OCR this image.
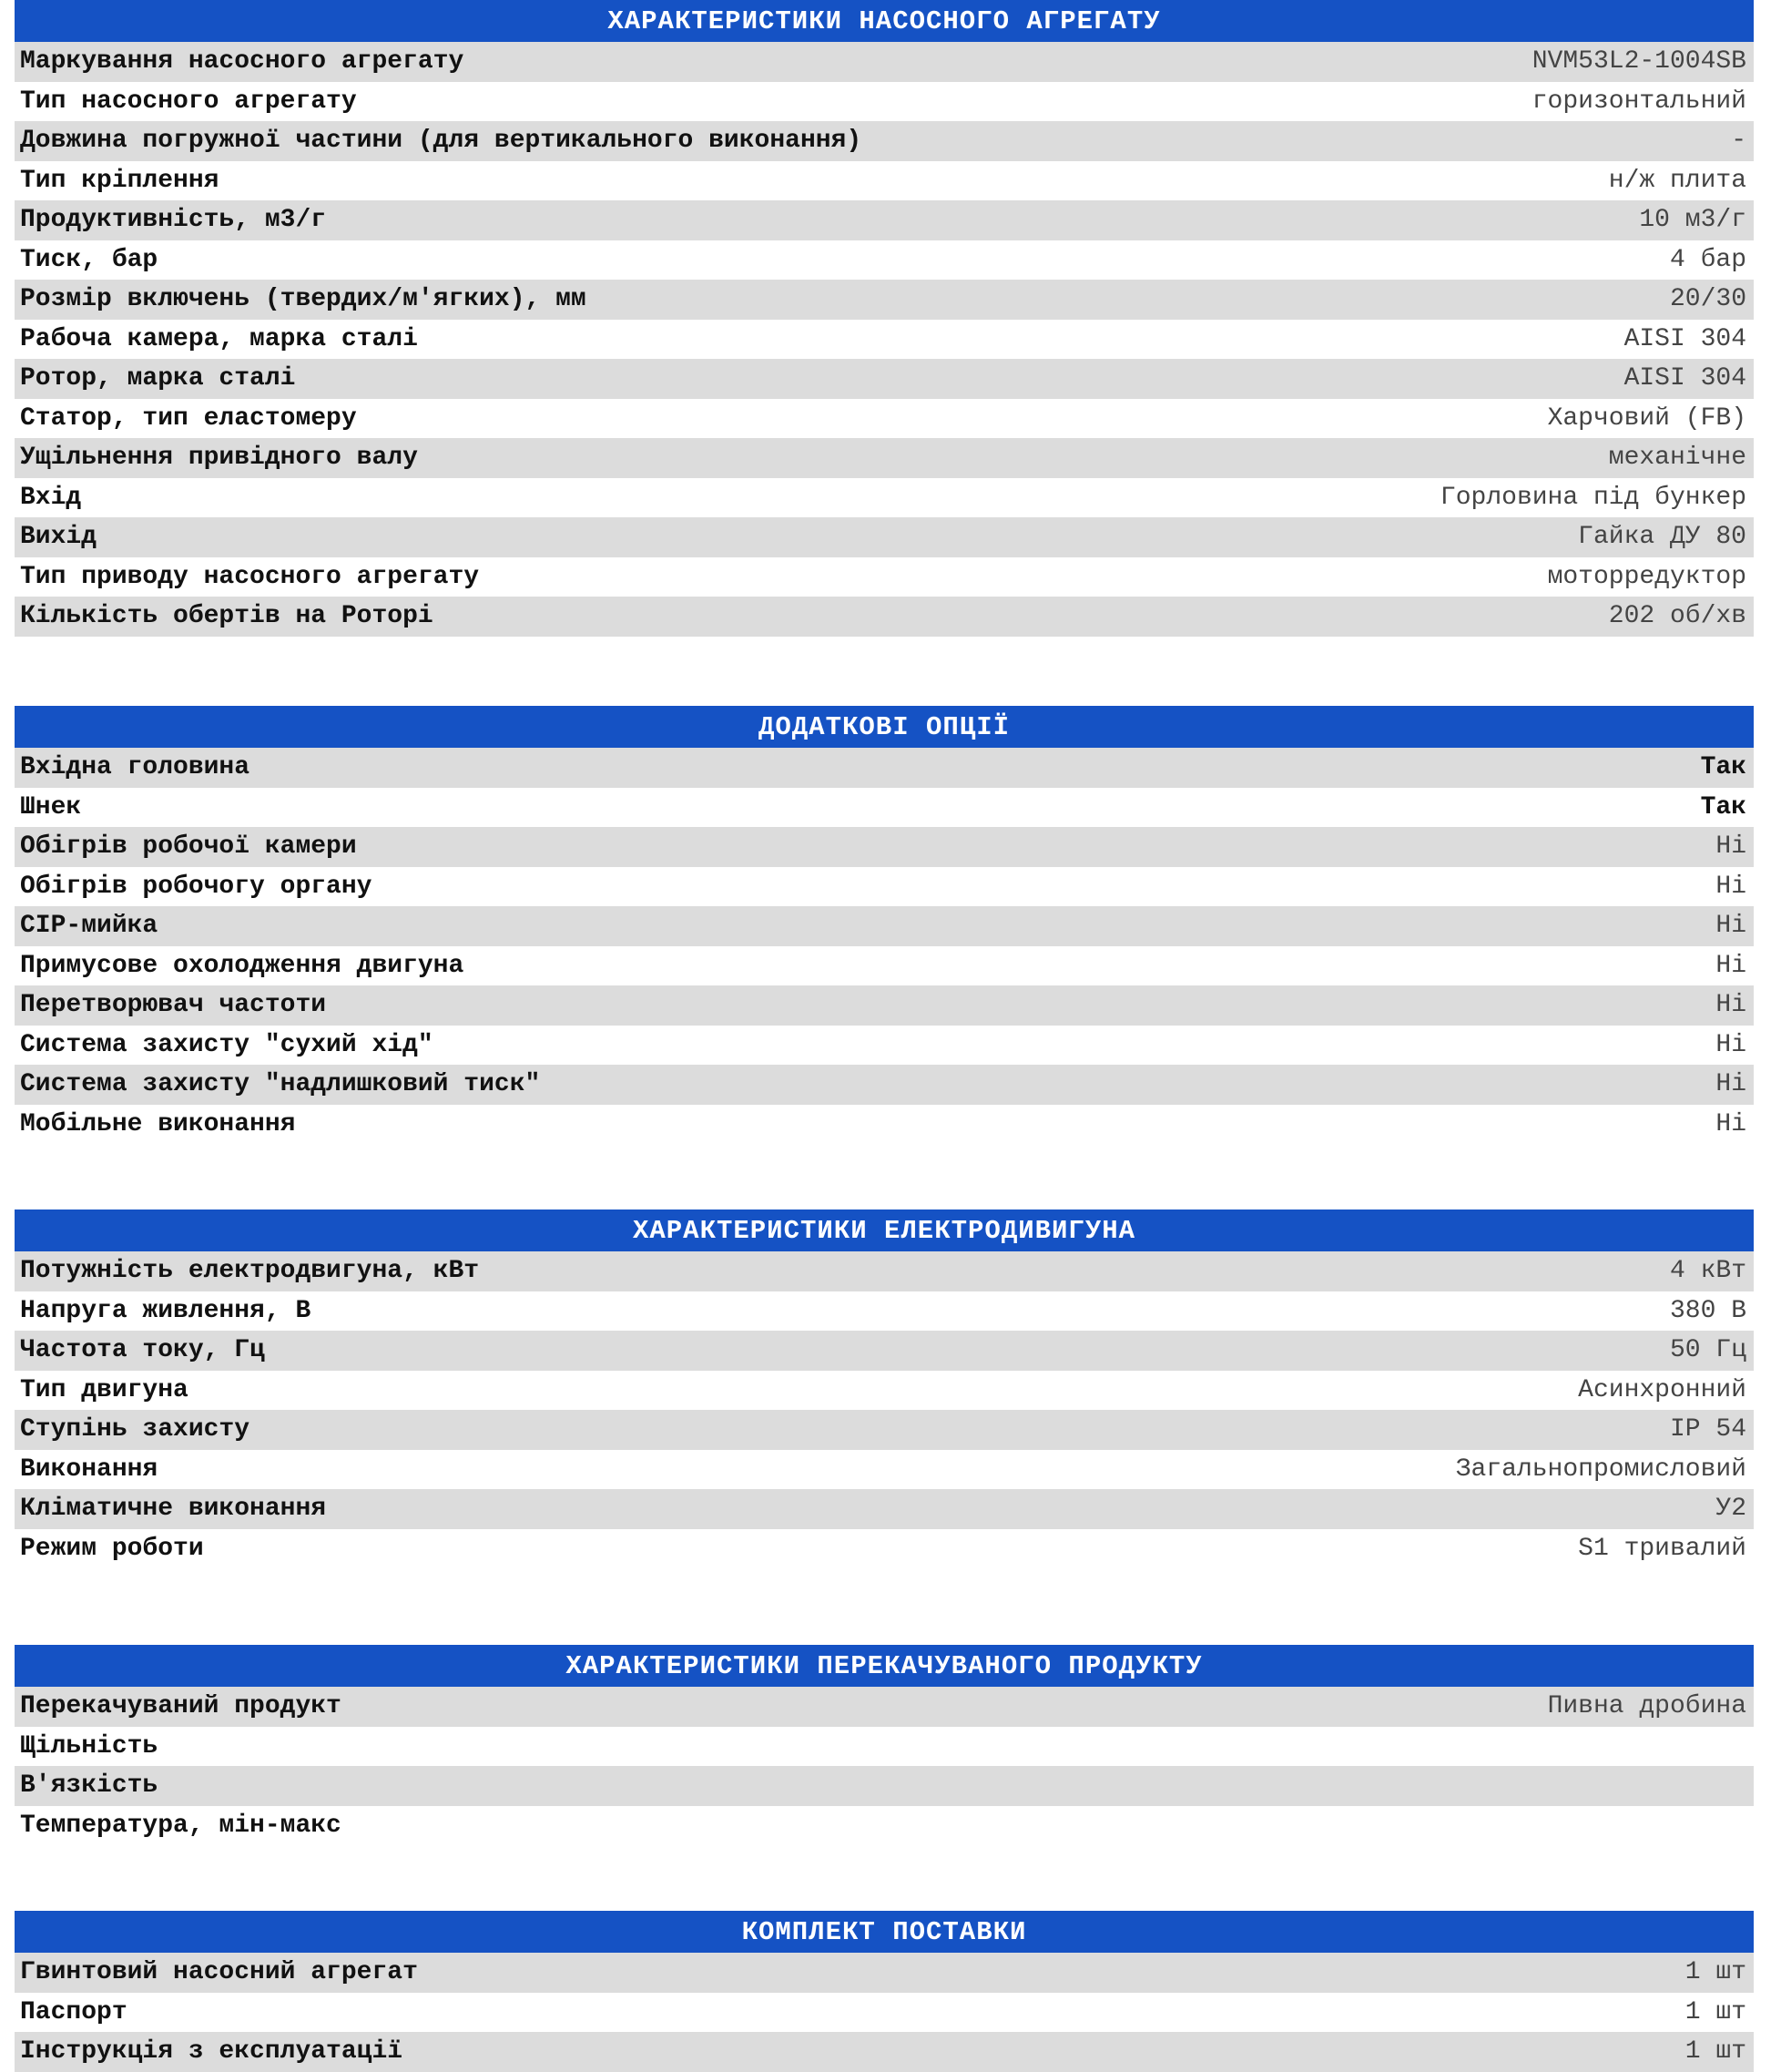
ХАРАКТЕРИСТИКИ НАСОСНОГО АГРЕГАТУ
Маркування насосного агрегату	NVM53L2-1004SB
Тип насосного агрегату	горизонтальний
Довжина погружної частини (для вертикального виконання)	-
Тип кріплення	н/ж плита
Продуктивність, м3/г	10 м3/г
Тиск, бар	4 бар
Розмір включень (твердих/м'ягких), мм	20/30
Рабоча камера, марка сталі	AISI 304
Ротор, марка сталі	AISI 304
Статор, тип еластомеру	Харчовий (FB)
Ущільнення привідного валу	механічне
Вхід	Горловина під бункер
Вихід	Гайка ДУ 80
Тип приводу насосного агрегату	моторредуктор
Кількість обертів на Роторі	202 об/хв
ДОДАТКОВІ ОПЦІЇ
Вхідна головина	Так
Шнек	Так
Обігрів робочої камери	Ні
Обігрів робочогу органу	Ні
CIP-мийка	Ні
Примусове охолодження двигуна	Ні
Перетворювач частоти	Ні
Система захисту "сухий хід"	Ні
Система захисту "надлишковий тиск"	Ні
Мобільне виконання	Ні
ХАРАКТЕРИСТИКИ ЕЛЕКТРОДИВИГУНА
Потужність електродвигуна, кВт	4 кВт
Напруга живлення, В	380 В
Частота току, Гц	50 Гц
Тип двигуна	Асинхронний
Ступінь захисту	IP 54
Виконання	Загальнопромисловий
Кліматичне виконання	У2
Режим роботи	S1 тривалий
ХАРАКТЕРИСТИКИ ПЕРЕКАЧУВАНОГО ПРОДУКТУ
Перекачуваний продукт	Пивна дробина
Щільність
В'язкість
Температура, мін-макс
КОМПЛЕКТ ПОСТАВКИ
Гвинтовий насосний агрегат	1 шт
Паспорт	1 шт
Інструкція з експлуатації	1 шт
